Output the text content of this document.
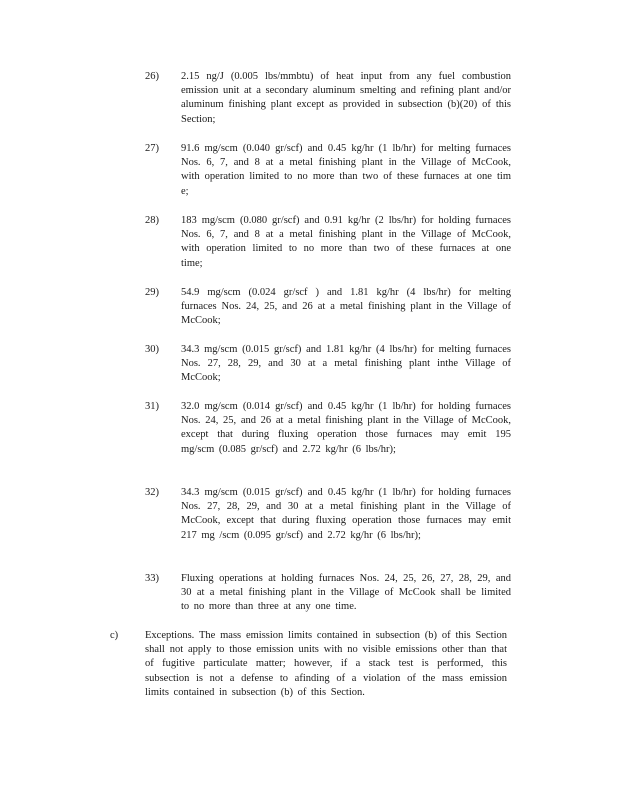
26) 2.15 ng/J (0.005 lbs/mmbtu) of heat input from any fuel combustion emission unit at a secondary aluminum smelting and refining plant and/or aluminum finishing plant except as provided in subsection (b)(20) of this Section;
27) 91.6 mg/scm (0.040 gr/scf) and 0.45 kg/hr (1 lb/hr) for melting furnaces Nos. 6, 7, and 8 at a metal finishing plant in the Village of McCook, with operation limited to no more than two of these furnaces at one tim e;
28) 183 mg/scm (0.080 gr/scf) and 0.91 kg/hr (2 lbs/hr) for holding furnaces Nos. 6, 7, and 8 at a metal finishing plant in the Village of McCook, with operation limited to no more than two of these furnaces at one time;
29) 54.9 mg/scm (0.024 gr/scf ) and 1.81 kg/hr (4 lbs/hr) for melting furnaces Nos. 24, 25, and 26 at a metal finishing plant in the Village of McCook;
30) 34.3 mg/scm (0.015 gr/scf) and 1.81 kg/hr (4 lbs/hr) for melting furnaces Nos. 27, 28, 29, and 30 at a metal finishing plant inthe Village of McCook;
31) 32.0 mg/scm (0.014 gr/scf) and 0.45 kg/hr (1 lb/hr) for holding furnaces Nos. 24, 25, and 26 at a metal finishing plant in the Village of McCook, except that during fluxing operation those furnaces may emit 195 mg/scm (0.085 gr/scf) and 2.72 kg/hr (6 lbs/hr);
32) 34.3 mg/scm (0.015 gr/scf) and 0.45 kg/hr (1 lb/hr) for holding furnaces Nos. 27, 28, 29, and 30 at a metal finishing plant in the Village of McCook, except that during fluxing operation those furnaces may emit 217 mg /scm (0.095 gr/scf) and 2.72 kg/hr (6 lbs/hr);
33) Fluxing operations at holding furnaces Nos. 24, 25, 26, 27, 28, 29, and 30 at a metal finishing plant in the Village of McCook shall be limited to no more than three at any one time.
c)	Exceptions. The mass emission limits contained in subsection (b) of this Section shall not apply to those emission units with no visible emissions other than that of fugitive particulate matter; however, if a stack test is performed, this subsection is not a defense to afinding of a violation of the mass emission limits contained in subsection (b) of this Section.
